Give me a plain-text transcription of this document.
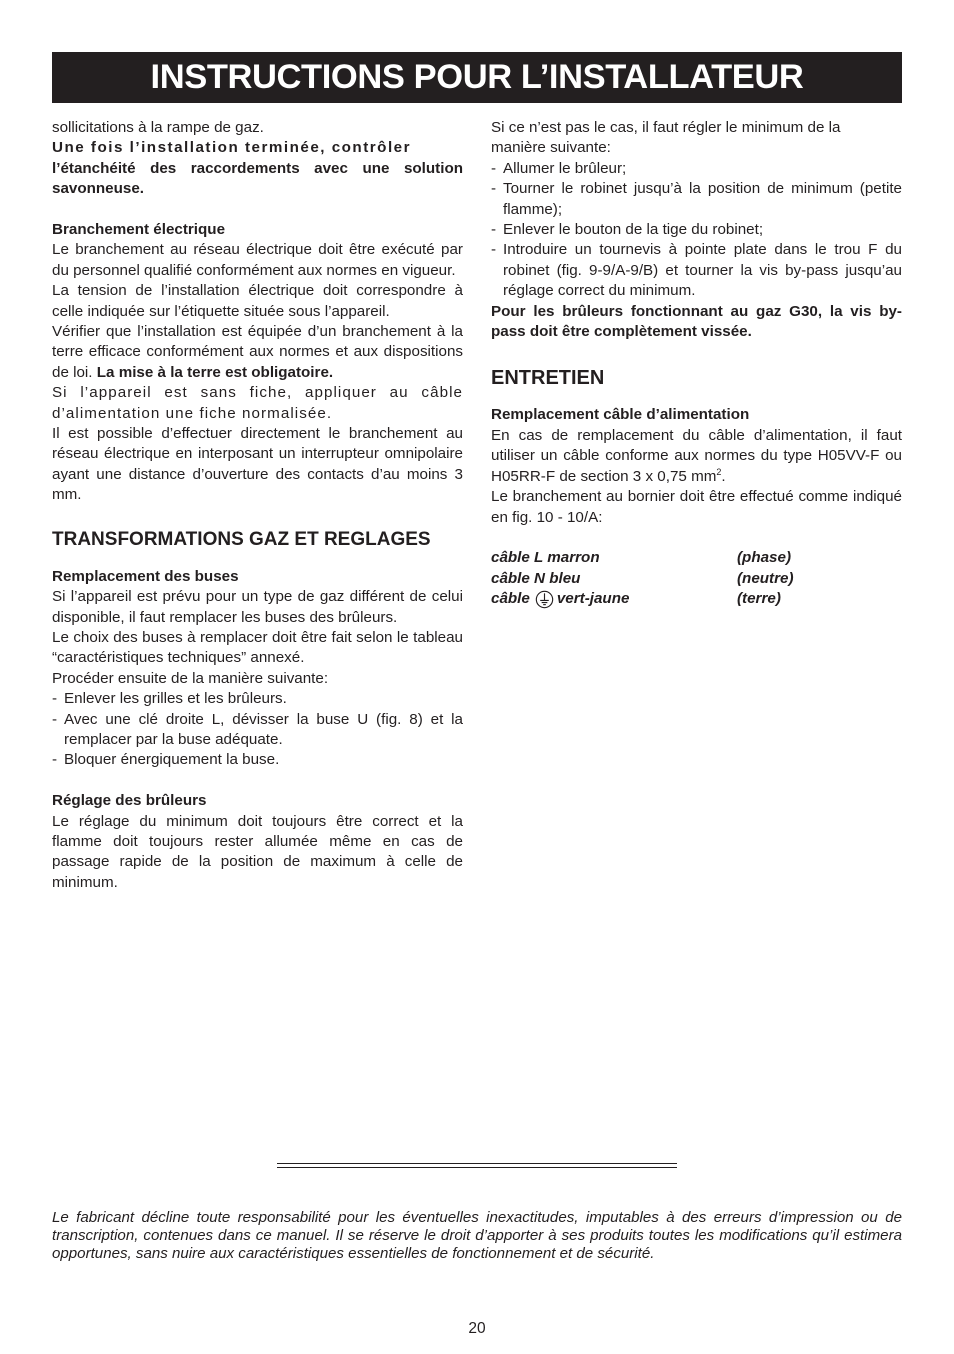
INSTRUCTIONS POUR L’INSTALLATEUR

sollicitations à la rampe de gaz.

Une fois l’installation terminée, contrôler

l’étanchéité des raccordements avec une solution savonneuse.

Branchement électrique

Le branchement au réseau électrique doit être exécuté par du personnel qualifié conformément aux normes en vigueur.

La tension de l’installation électrique doit correspondre à celle indiquée sur l’étiquette située sous l’appareil.

Vérifier que l’installation est équipée d’un branchement à la terre efficace conformément aux normes et aux dispositions de loi. La mise à la terre est obligatoire.

Si l’appareil est sans fiche, appliquer au câble d’alimentation une fiche normalisée.

Il est possible d’effectuer directement le branchement au réseau électrique en interposant un interrupteur omnipolaire ayant une distance d’ouverture des contacts d’au moins 3 mm.

TRANSFORMATIONS GAZ ET REGLAGES
Remplacement des buses

Si l’appareil est prévu pour un type de gaz différent de celui disponible, il faut remplacer les buses des brûleurs.

Le choix des buses à remplacer doit être fait selon le tableau “caractéristiques techniques” annexé.

Procéder ensuite de la manière suivante:

- Enlever les grilles et les brûleurs.
- Avec une clé droite L, dévisser la buse U (fig. 8) et la remplacer par la buse adéquate.
- Bloquer énergiquement la buse.
Réglage des brûleurs

Le réglage du minimum doit toujours être correct et la flamme doit toujours rester allumée même en cas de passage rapide de la position de maximum à celle de minimum.

Si ce n’est pas le cas, il faut régler le minimum de la manière suivante:

- Allumer le brûleur;
- Tourner le robinet jusqu’à la position de minimum (petite flamme);
- Enlever le bouton de la tige du robinet;
- Introduire un tournevis à pointe plate dans le trou F du robinet (fig. 9-9/A-9/B) et tourner la vis by-pass jusqu’au réglage correct du minimum.

Pour les brûleurs fonctionnant au gaz G30, la vis by-pass doit être complètement vissée.

ENTRETIEN
Remplacement câble d’alimentation

En cas de remplacement du câble d’alimentation, il faut utiliser un câble conforme aux normes du type H05VV-F ou H05RR-F de section 3 x 0,75 $mm^2$.

Le branchement au bornier doit être effectué comme indiqué en fig. 10 - 10/A:

câble L marron	(phase)
câble N bleu	(neutre)
câble vert-jaune	(terre)

Le fabricant décline toute responsabilité pour les éventuelles inexactitudes, imputables à des erreurs d’impression ou de transcription, contenues dans ce manuel. Il se réserve le droit d’apporter à ses produits toutes les modifications qu’il estimera opportunes, sans nuire aux caractéristiques essentielles de fonctionnement et de sécurité.

20
